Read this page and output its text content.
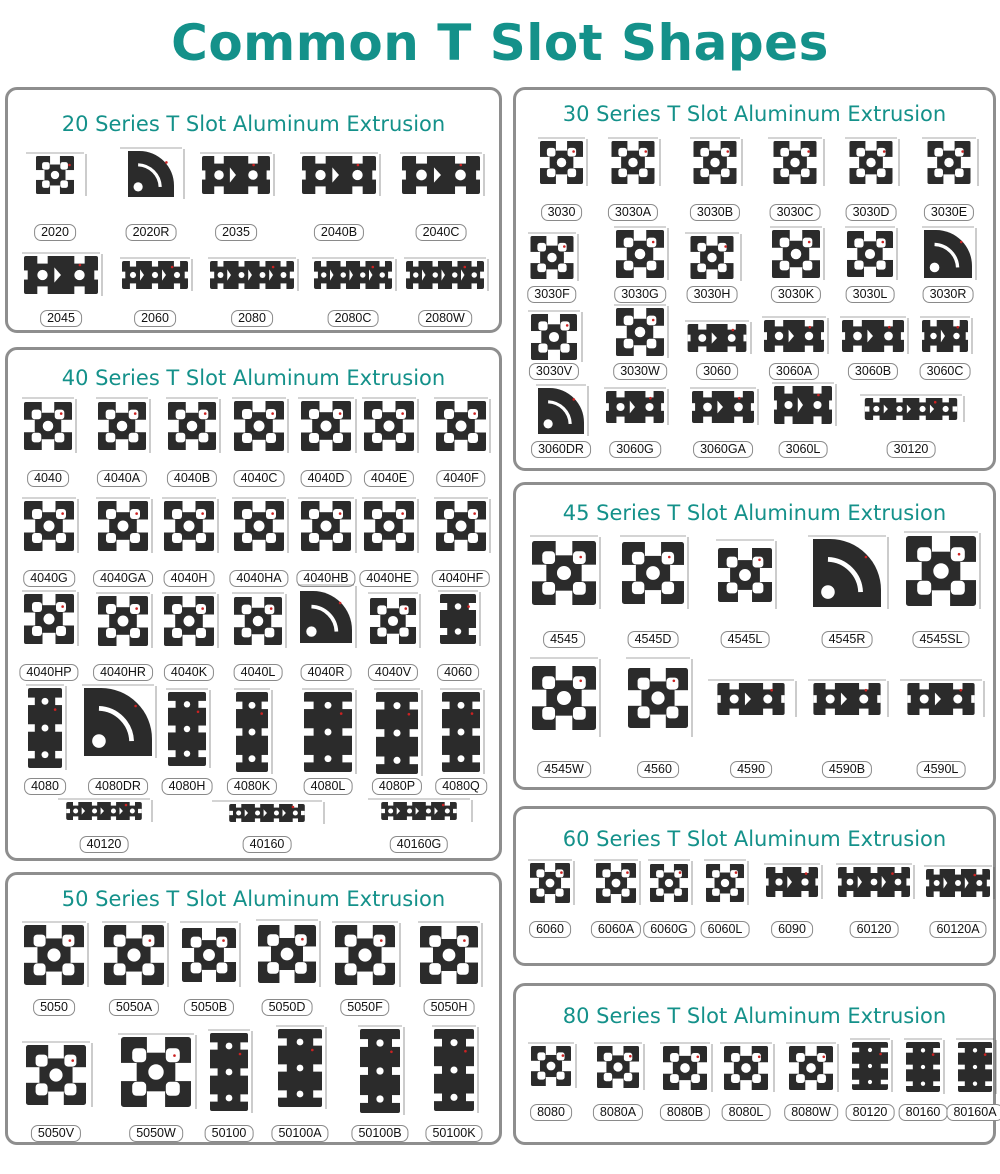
Common T Slot Shapes
20 Series T Slot Aluminum Extrusion
2020	2020R	2035	2040B	2040C
2045	2060	2080	2080C	2080W
30 Series T Slot Aluminum Extrusion
3030	3030A	3030B	3030C	3030D	3030E
3030F	3030G	3030H	3030K	3030L	3030R
3030V	3030W	3060	3060A	3060B	3060C
3060DR	3060G	3060GA	3060L	30120
40 Series T Slot Aluminum Extrusion
4040	4040A	4040B	4040C	4040D	4040E	4040F
4040G	4040GA	4040H	4040HA	4040HB	4040HE	4040HF
4040HP	4040HR	4040K	4040L	4040R	4040V	4060
4080	4080DR	4080H	4080K	4080L	4080P	4080Q
40120	40160	40160G
45 Series T Slot Aluminum Extrusion
4545	4545D	4545L	4545R	4545SL
4545W	4560	4590	4590B	4590L
50 Series T Slot Aluminum Extrusion
5050	5050A	5050B	5050D	5050F	5050H
5050V	5050W	50100	50100A	50100B	50100K
60 Series T Slot Aluminum Extrusion
6060	6060A	6060G	6060L	6090	60120	60120A
80 Series T Slot Aluminum Extrusion
8080	8080A	8080B	8080L	8080W	80120	80160	80160A
